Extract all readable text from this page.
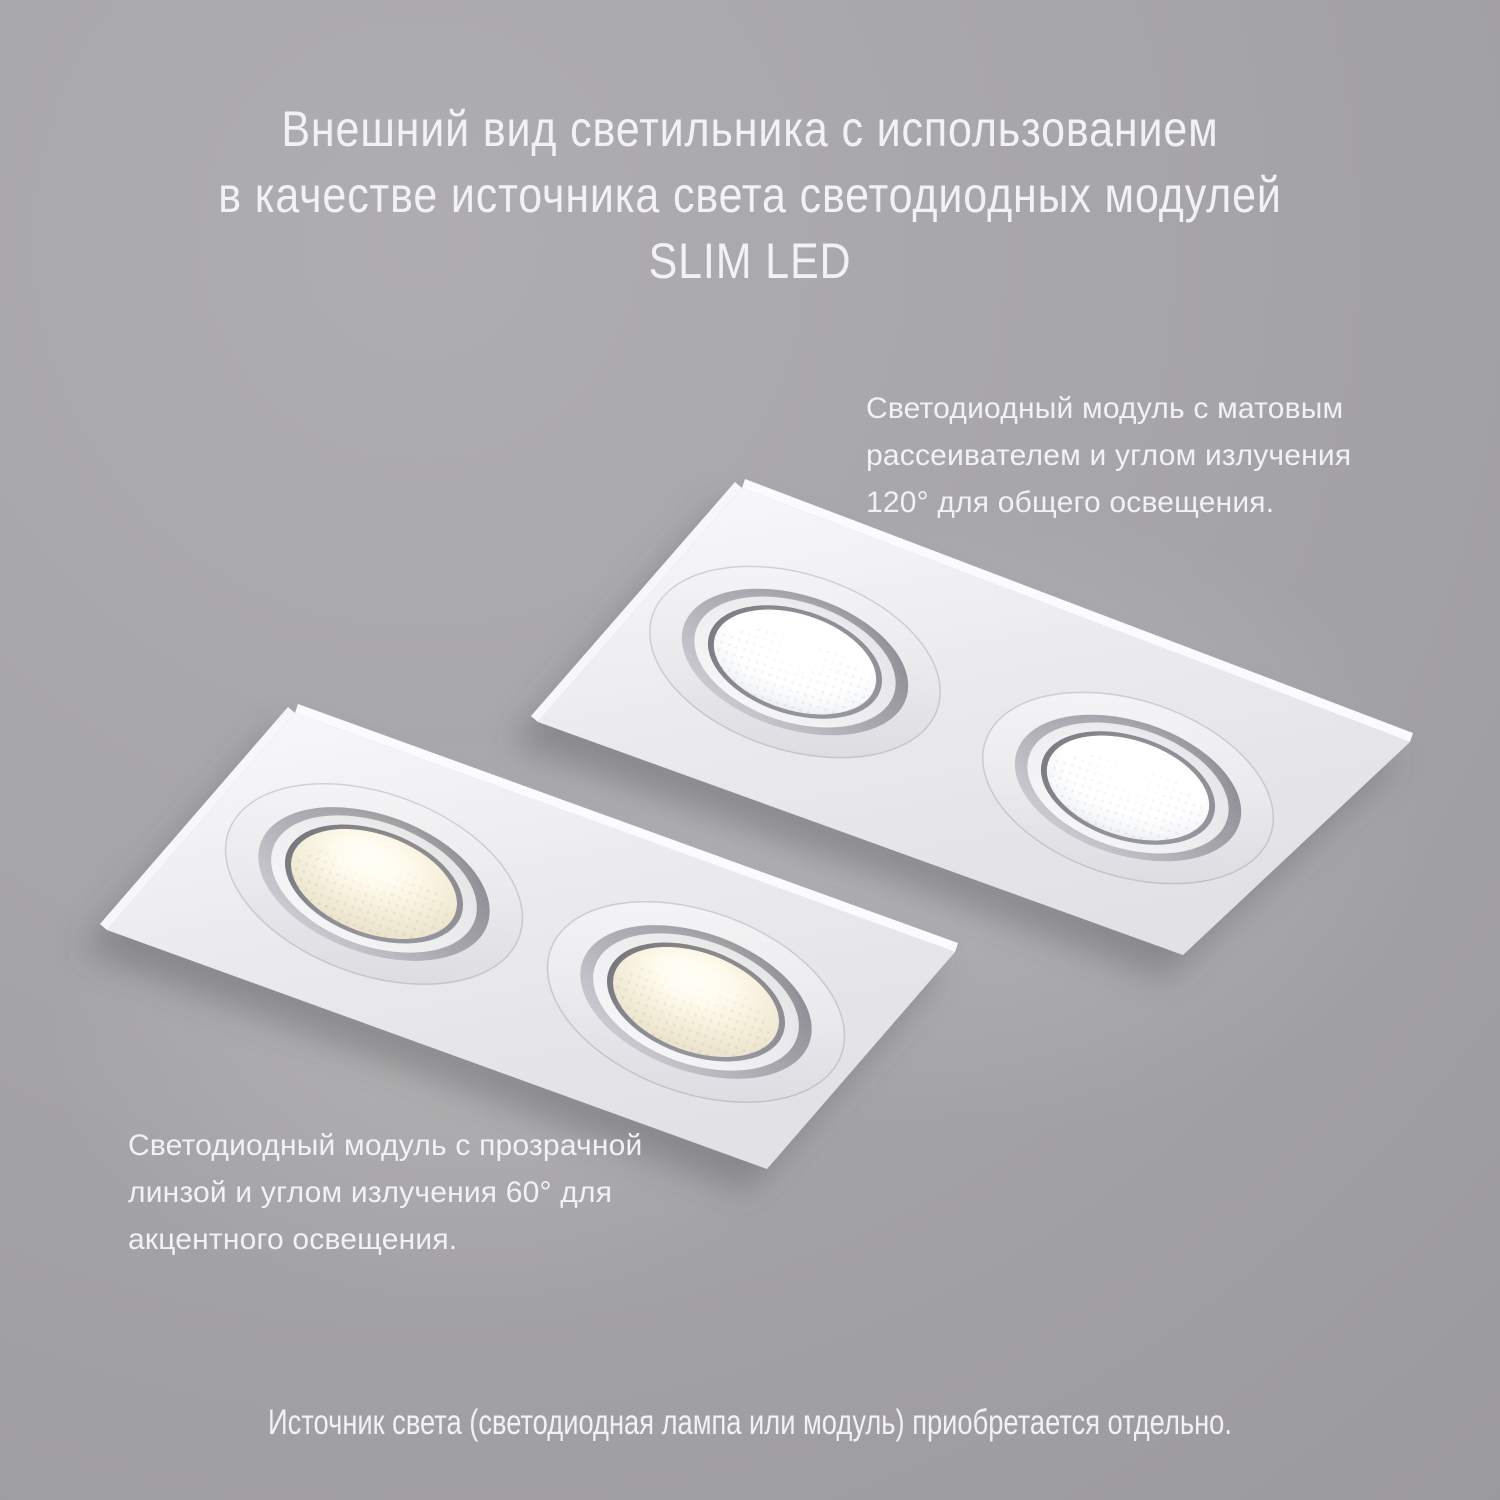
Внешний вид светильника с использованием
в качестве источника света светодиодных модулей
SLIM LED
Светодиодный модуль с матовым
рассеивателем и углом излучения
120° для общего освещения.
Светодиодный модуль с прозрачной
линзой и углом излучения 60° для
акцентного освещения.
Источник света (светодиодная лампа или модуль) приобретается отдельно.
